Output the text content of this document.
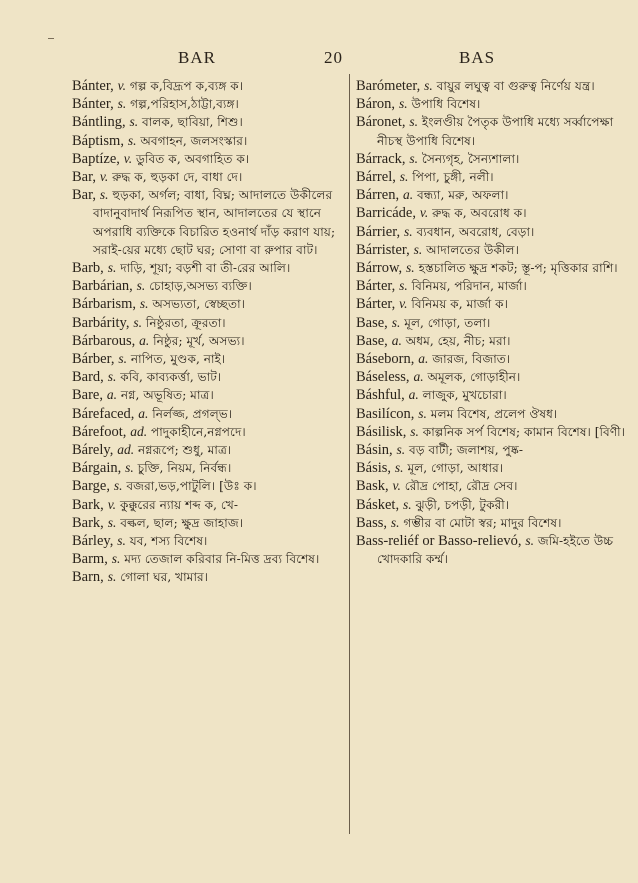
BAR	20	BAS
Bánter, v. গল্প ক,বিদ্রূপ ক,ব্যঙ্গ ক।
Bánter, s. গল্প,পরিহাস,ঠাট্টা,ব্যঙ্গ।
Bántling, s. বালক, ছাবিয়া, শিশু।
Báptism, s. অবগাহন, জলসংস্কার।
Baptíze, v. ডুবিত ক, অবগাহিত ক।
Bar, v. রুদ্ধ ক, হুড়কা দে, বাধা দে।
Bar, s. হুড়কা, অর্গল; বাধা, বিঘ্ন; আদালতে উকীলের বাদানুবাদার্থ নিরূপিত স্থান, আদালতের যে স্থানে অপরাধি ব্যক্তিকে বিচারিত হওনার্থ দাঁড় করাণ যায়; সরাই-য়ের মধ্যে ছোট ঘর; সোণা বা রুপার বাট।
Barb, s. দাড়ি, শূয়া; বড়শী বা তী-রের আলি।
Barbárian, s. চোহাড়,অসভ্য ব্যক্তি।
Bárbarism, s. অসভ্যতা, স্বেচ্ছতা।
Barbárity, s. নিষ্ঠুরতা, ক্রূরতা।
Bárbarous, a. নিষ্ঠুর; মূর্খ, অসভ্য।
Bárber, s. নাপিত, মুণ্ডক, নাই।
Bard, s. কবি, কাব্যকর্ত্তা, ভাট।
Bare, a. নগ্ন, অভূষিত; মাত্র।
Bárefaced, a. নির্লজ্জ, প্রগল্ভ।
Bárefoot, ad. পাদুকাহীনে,নগ্নপদে।
Bárely, ad. নগ্নরূপে; শুধু, মাত্র।
Bárgain, s. চুক্তি, নিয়ম, নির্বন্ধ।
Barge, s. বজরা,ভড়,পাটুলি। [উঃ ক।
Bark, v. কুক্কুরের ন্যায় শব্দ ক, খে-
Bark, s. বল্কল, ছাল; ক্ষুদ্র জাহাজ।
Bárley, s. যব, শস্য বিশেষ।
Barm, s. মদ্য তেজাল করিবার নি-মিত্ত দ্রব্য বিশেষ।
Barn, s. গোলা ঘর, খামার।
Barómeter, s. বায়ুর লঘুত্ব বা গুরুত্ব নির্ণেয় যন্ত্র।
Báron, s. উপাধি বিশেষ।
Báronet, s. ইংলণ্ডীয় পৈতৃক উপাধি মধ্যে সর্ব্বাপেক্ষা নীচস্থ উপাধি বিশেষ।
Bárrack, s. সৈন্যগৃহ, সৈন্যশালা।
Bárrel, s. পিপা, চুঙ্গী, নলী।
Bárren, a. বন্ধ্যা, মরু, অফলা।
Barricáde, v. রুদ্ধ ক, অবরোধ ক।
Bárrier, s. ব্যবধান, অবরোধ, বেড়া।
Bárrister, s. আদালতের উকীল।
Bárrow, s. হস্তচালিত ক্ষুদ্র শকট; স্তূ-প; মৃত্তিকার রাশি।
Bárter, s. বিনিময়, পরিদান, মার্জা।
Bárter, v. বিনিময় ক, মার্জা ক।
Base, s. মূল, গোড়া, তলা।
Base, a. অধম, হেয়, নীচ; মরা।
Báseborn, a. জারজ, বিজাত।
Báseless, a. অমূলক, গোড়াহীন।
Báshful, a. লাজুক, মুখচোরা।
Basilícon, s. মলম বিশেষ, প্রলেপ ঔষধ।
Básilisk, s. কাল্পনিক সর্প বিশেষ; কামান বিশেষ। [বিণী।
Básin, s. বড় বাটী; জলাশয়, পুষ্ক-
Básis, s. মূল, গোড়া, আধার।
Bask, v. রৌদ্র পোহা, রৌদ্র সেব।
Básket, s. ঝুড়ী, চপড়ী, টুকরী।
Bass, s. গম্ভীর বা মোটা স্বর; মাদুর বিশেষ।
Bass-reliéf or Basso-relievó, s. জমি-হইতে উচ্চ খোদকারি কর্ম্ম।
